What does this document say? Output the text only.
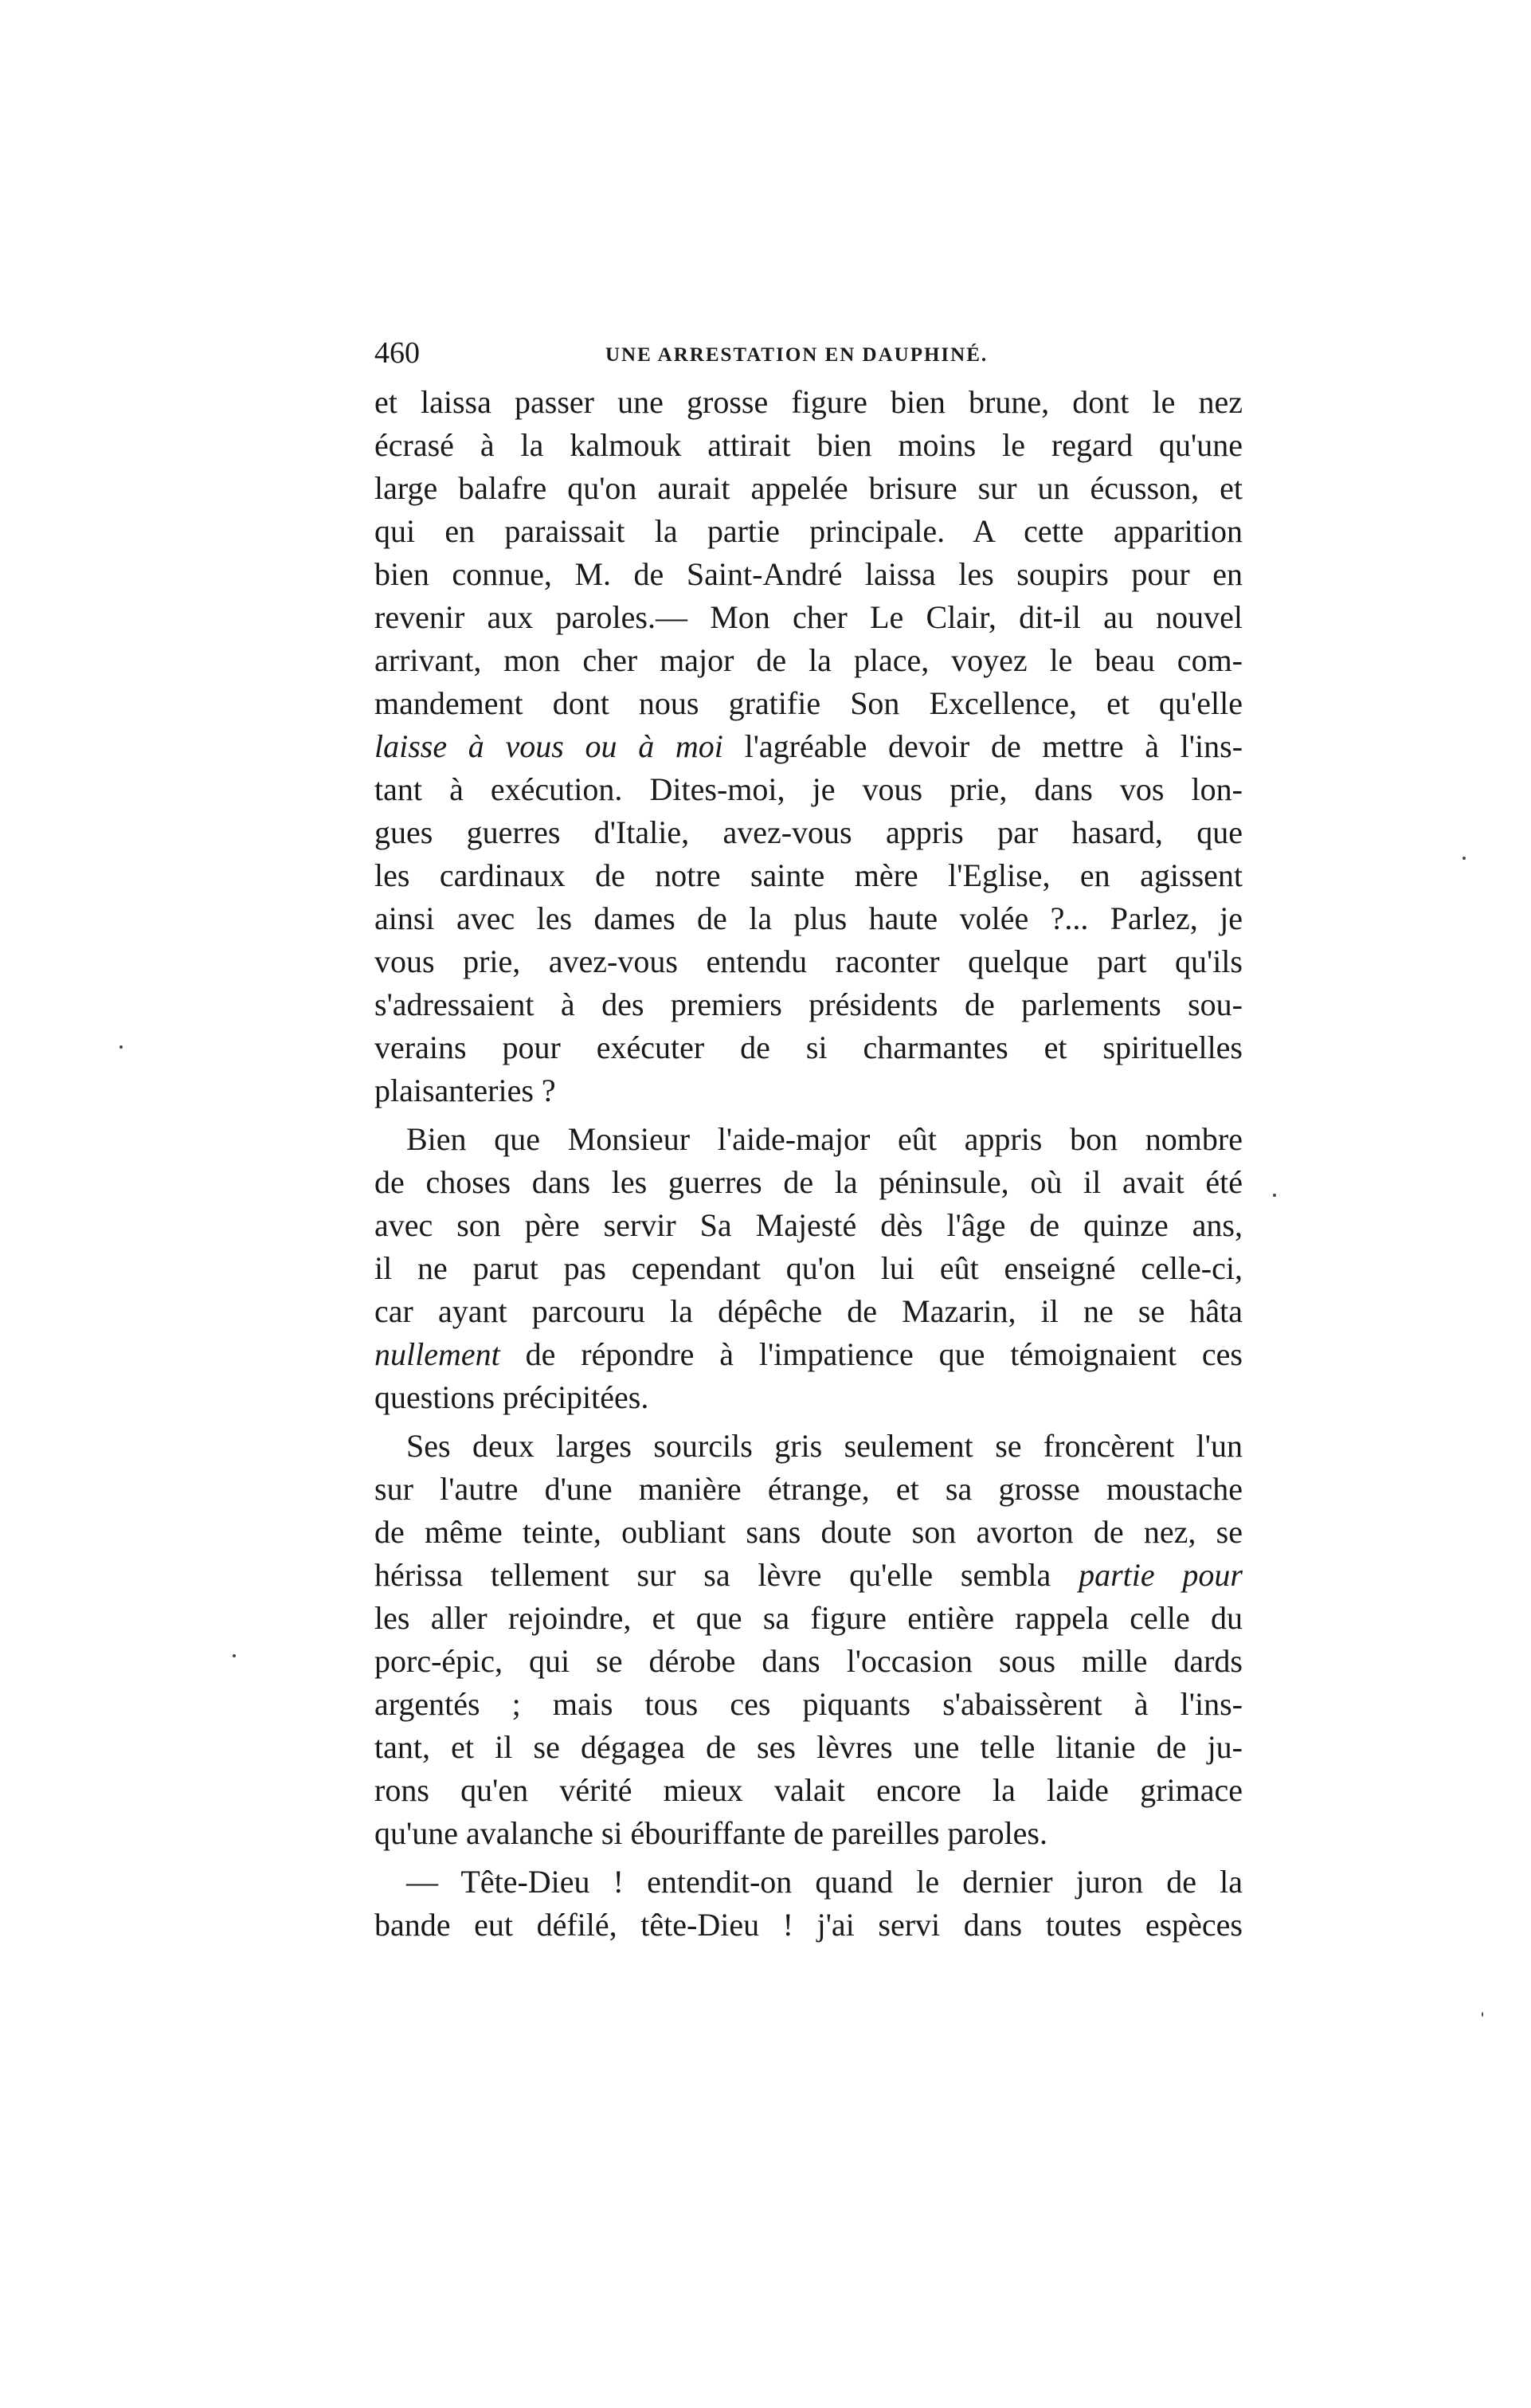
460	UNE ARRESTATION EN DAUPHINÉ.
et laissa passer une grosse figure bien brune, dont le nez
écrasé à la kalmouk attirait bien moins le regard qu'une
large balafre qu'on aurait appelée brisure sur un écusson, et
qui en paraissait la partie principale. A cette apparition
bien connue, M. de Saint-André laissa les soupirs pour en
revenir aux paroles.— Mon cher Le Clair, dit-il au nouvel
arrivant, mon cher major de la place, voyez le beau com-
mandement dont nous gratifie Son Excellence, et qu'elle
laisse à vous ou à moi l'agréable devoir de mettre à l'ins-
tant à exécution. Dites-moi, je vous prie, dans vos lon-
gues guerres d'Italie, avez-vous appris par hasard, que
les cardinaux de notre sainte mère l'Eglise, en agissent
ainsi avec les dames de la plus haute volée ?... Parlez, je
vous prie, avez-vous entendu raconter quelque part qu'ils
s'adressaient à des premiers présidents de parlements sou-
verains pour exécuter de si charmantes et spirituelles
plaisanteries ?
Bien que Monsieur l'aide-major eût appris bon nombre
de choses dans les guerres de la péninsule, où il avait été
avec son père servir Sa Majesté dès l'âge de quinze ans,
il ne parut pas cependant qu'on lui eût enseigné celle-ci,
car ayant parcouru la dépêche de Mazarin, il ne se hâta
nullement de répondre à l'impatience que témoignaient ces
questions précipitées.
Ses deux larges sourcils gris seulement se froncèrent l'un
sur l'autre d'une manière étrange, et sa grosse moustache
de même teinte, oubliant sans doute son avorton de nez, se
hérissa tellement sur sa lèvre qu'elle sembla partie pour
les aller rejoindre, et que sa figure entière rappela celle du
porc-épic, qui se dérobe dans l'occasion sous mille dards
argentés ; mais tous ces piquants s'abaissèrent à l'ins-
tant, et il se dégagea de ses lèvres une telle litanie de ju-
rons qu'en vérité mieux valait encore la laide grimace
qu'une avalanche si ébouriffante de pareilles paroles.
— Tête-Dieu ! entendit-on quand le dernier juron de la
bande eut défilé, tête-Dieu ! j'ai servi dans toutes espèces
